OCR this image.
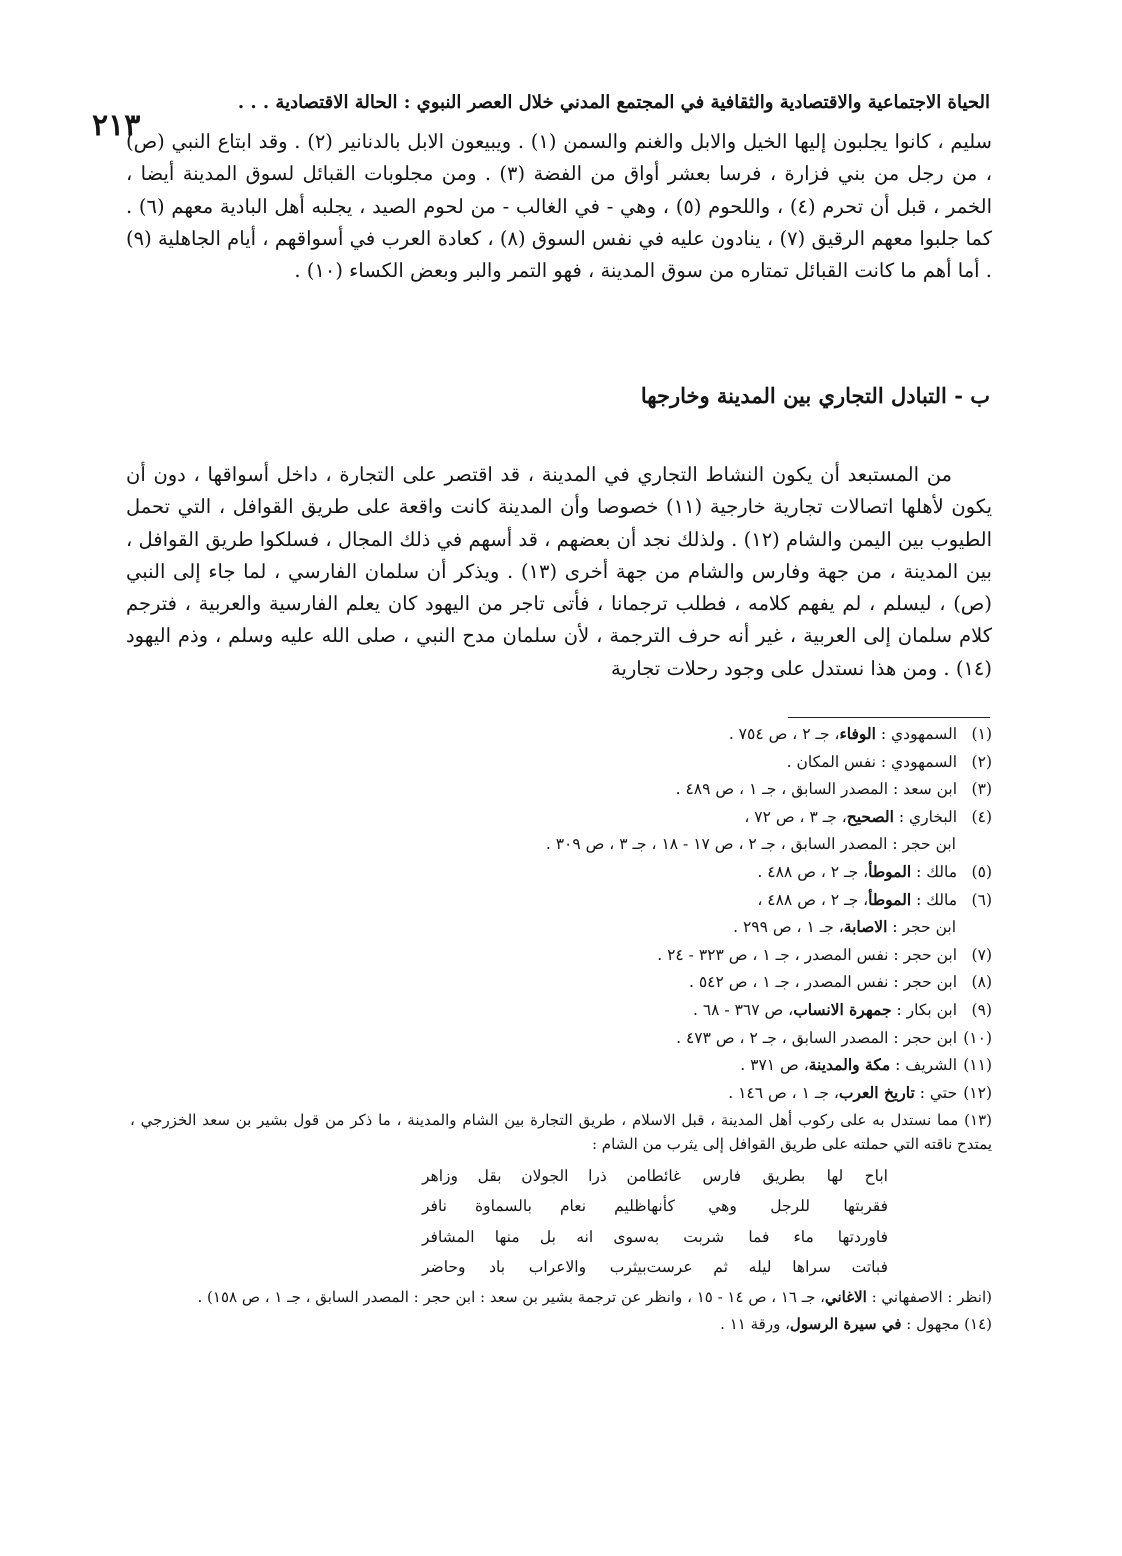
٢١٣
الحياة الاجتماعية والاقتصادية والثقافية في المجتمع المدني خلال العصر النبوي : الحالة الاقتصادية . . .

سليم ، كانوا يجلبون إليها الخيل والابل والغنم والسمن (١) . ويبيعون الابل بالدنانير (٢) . وقد ابتاع النبي (ص) ، من رجل من بني فزارة ، فرسا بعشر أواق من الفضة (٣) . ومن مجلوبات القبائل لسوق المدينة أيضا ، الخمر ، قبل أن تحرم (٤) ، واللحوم (٥) ، وهي - في الغالب - من لحوم الصيد ، يجلبه أهل البادية معهم (٦) . كما جلبوا معهم الرقيق (٧) ، ينادون عليه في نفس السوق (٨) ، كعادة العرب في أسواقهم ، أيام الجاهلية (٩) . أما أهم ما كانت القبائل تمتاره من سوق المدينة ، فهو التمر والبر وبعض الكساء (١٠) .

ب - التبادل التجاري بين المدينة وخارجها

من المستبعد أن يكون النشاط التجاري في المدينة ، قد اقتصر على التجارة ، داخل أسواقها ، دون أن يكون لأهلها اتصالات تجارية خارجية (١١) خصوصا وأن المدينة كانت واقعة على طريق القوافل ، التي تحمل الطيوب بين اليمن والشام (١٢) . ولذلك نجد أن بعضهم ، قد أسهم في ذلك المجال ، فسلكوا طريق القوافل ، بين المدينة ، من جهة وفارس والشام من جهة أخرى (١٣) . ويذكر أن سلمان الفارسي ، لما جاء إلى النبي (ص) ، ليسلم ، لم يفهم كلامه ، فطلب ترجمانا ، فأتى تاجر من اليهود كان يعلم الفارسية والعربية ، فترجم كلام سلمان إلى العربية ، غير أنه حرف الترجمة ، لأن سلمان مدح النبي ، صلى الله عليه وسلم ، وذم اليهود (١٤) . ومن هذا نستدل على وجود رحلات تجارية

(١) السمهودي : الوفاء، جـ ٢ ، ص ٧٥٤ .
(٢) السمهودي : نفس المكان .
(٣) ابن سعد : المصدر السابق ، جـ ١ ، ص ٤٨٩ .
(٤) البخاري : الصحيح، جـ ٣ ، ص ٧٢ ،
ابن حجر : المصدر السابق ، جـ ٢ ، ص ١٧ - ١٨ ، جـ ٣ ، ص ٣٠٩ .
(٥) مالك : الموطأ، جـ ٢ ، ص ٤٨٨ .
(٦) مالك : الموطأ، جـ ٢ ، ص ٤٨٨ ،
ابن حجر : الاصابة، جـ ١ ، ص ٢٩٩ .
(٧) ابن حجر : نفس المصدر ، جـ ١ ، ص ٣٢٣ - ٢٤ .
(٨) ابن حجر : نفس المصدر ، جـ ١ ، ص ٥٤٢ .
(٩) ابن بكار : جمهرة الانساب، ص ٣٦٧ - ٦٨ .
(١٠) ابن حجر : المصدر السابق ، جـ ٢ ، ص ٤٧٣ .
(١١) الشريف : مكة والمدينة، ص ٣٧١ .
(١٢) حتي : تاريخ العرب، جـ ١ ، ص ١٤٦ .
(١٣) مما نستدل به على ركوب أهل المدينة ، قبل الاسلام ، طريق التجارة بين الشام والمدينة ، ما ذكر من قول بشير بن سعد الخزرجي ، يمتدح ناقته التي حملته على طريق القوافل إلى يثرب من الشام :
اباح لها بطريق فارس غائطا	من ذرا الجولان بقل وزاهر
فقربتها للرجل وهي كأنها	ظليم نعام بالسماوة نافر
فاوردتها ماء فما شربت به	سوى انه بل منها المشافر
فباتت سراها ليله ثم عرست	بيثرب والاعراب باد وحاضر
(انظر : الاصفهاني : الاغاني، جـ ١٦ ، ص ١٤ - ١٥ ، وانظر عن ترجمة بشير بن سعد : ابن حجر : المصدر السابق ، جـ ١ ، ص ١٥٨) .
(١٤) مجهول : في سيرة الرسول، ورقة ١١ .
